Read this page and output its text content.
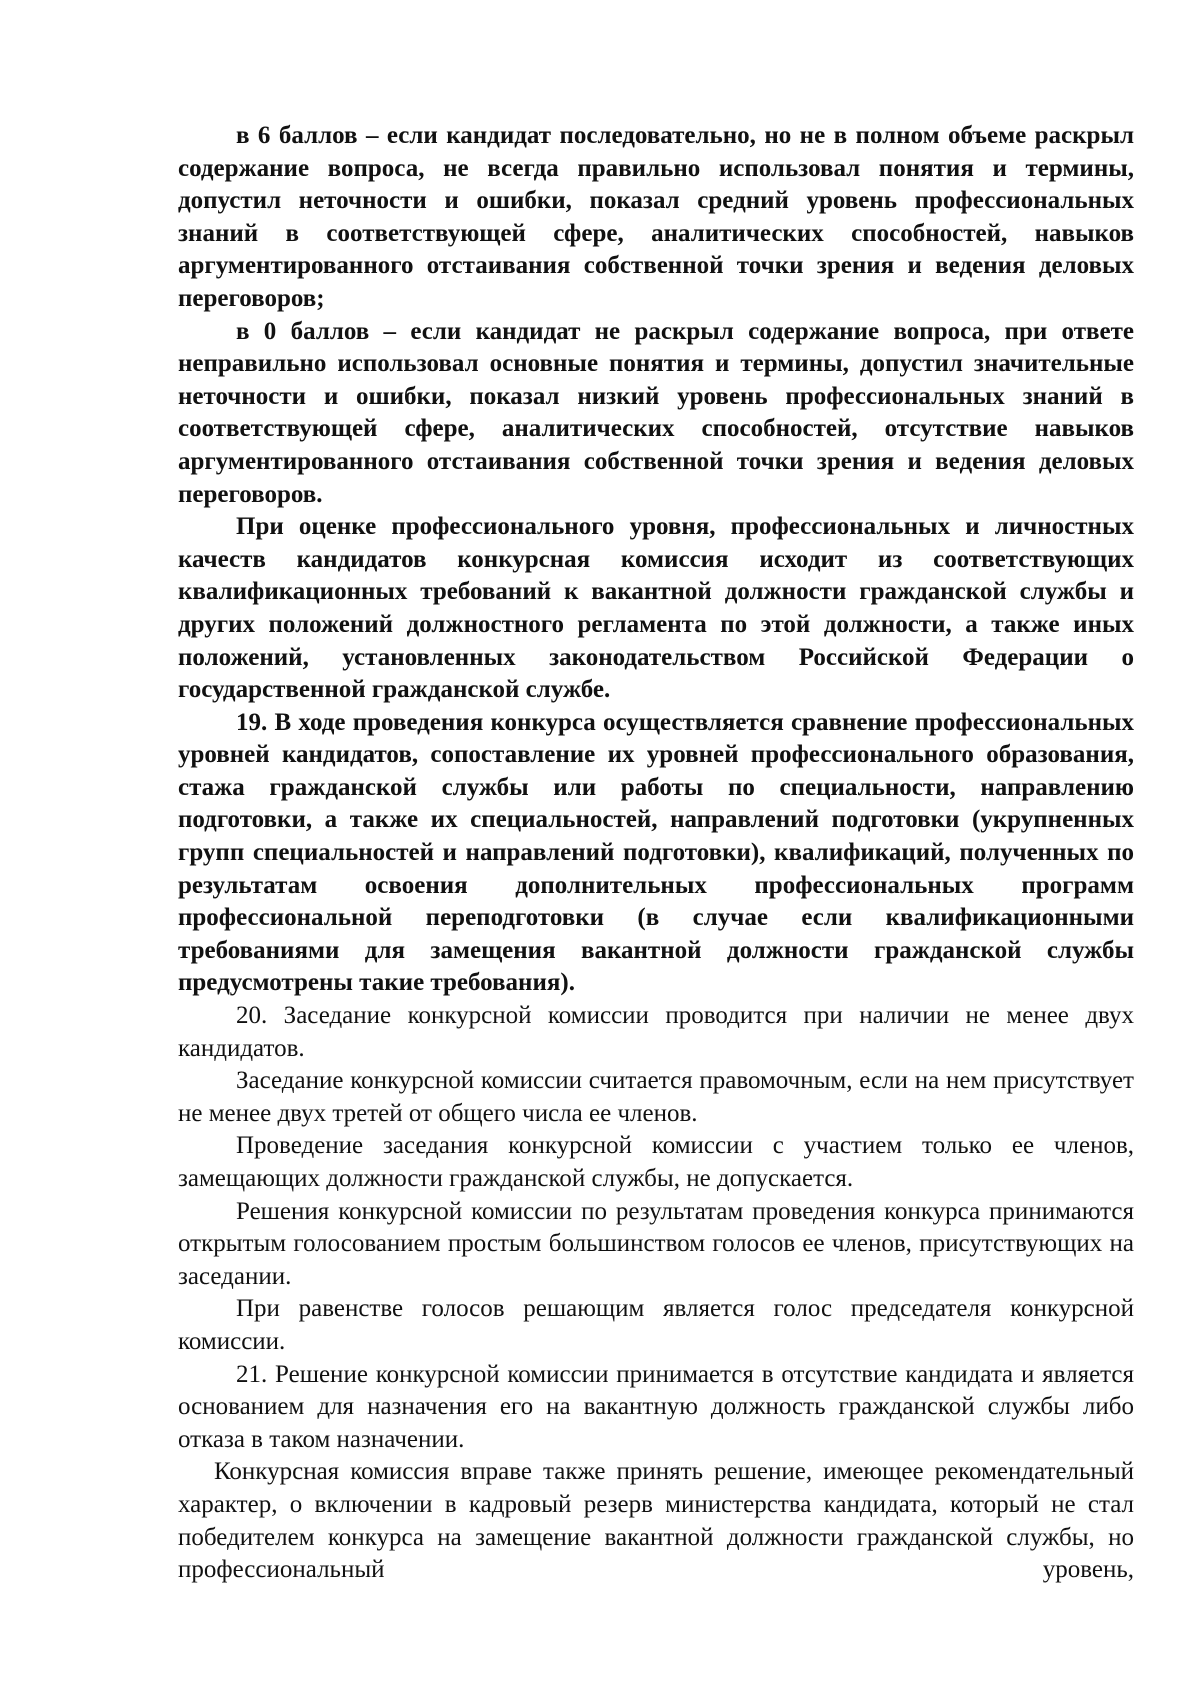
в 6 баллов – если кандидат последовательно, но не в полном объеме раскрыл содержание вопроса, не всегда правильно использовал понятия и термины, допустил неточности и ошибки, показал средний уровень профессиональных знаний в соответствующей сфере, аналитических способностей, навыков аргументированного отстаивания собственной точки зрения и ведения деловых переговоров;

в 0 баллов – если кандидат не раскрыл содержание вопроса, при ответе неправильно использовал основные понятия и термины, допустил значительные неточности и ошибки, показал низкий уровень профессиональных знаний в соответствующей сфере, аналитических способностей, отсутствие навыков аргументированного отстаивания собственной точки зрения и ведения деловых переговоров.

При оценке профессионального уровня, профессиональных и личностных качеств кандидатов конкурсная комиссия исходит из соответствующих квалификационных требований к вакантной должности гражданской службы и других положений должностного регламента по этой должности, а также иных положений, установленных законодательством Российской Федерации о государственной гражданской службе.

19. В ходе проведения конкурса осуществляется сравнение профессиональных уровней кандидатов, сопоставление их уровней профессионального образования, стажа гражданской службы или работы по специальности, направлению подготовки, а также их специальностей, направлений подготовки (укрупненных групп специальностей и направлений подготовки), квалификаций, полученных по результатам освоения дополнительных профессиональных программ профессиональной переподготовки (в случае если квалификационными требованиями для замещения вакантной должности гражданской службы предусмотрены такие требования).

20. Заседание конкурсной комиссии проводится при наличии не менее двух кандидатов.

Заседание конкурсной комиссии считается правомочным, если на нем присутствует не менее двух третей от общего числа ее членов.

Проведение заседания конкурсной комиссии с участием только ее членов, замещающих должности гражданской службы, не допускается.

Решения конкурсной комиссии по результатам проведения конкурса принимаются открытым голосованием простым большинством голосов ее членов, присутствующих на заседании.

При равенстве голосов решающим является голос председателя конкурсной комиссии.

21. Решение конкурсной комиссии принимается в отсутствие кандидата и является основанием для назначения его на вакантную должность гражданской службы либо отказа в таком назначении.

Конкурсная комиссия вправе также принять решение, имеющее рекомендательный характер, о включении в кадровый резерв министерства кандидата, который не стал победителем конкурса на замещение вакантной должности гражданской службы, но профессиональный уровень,
